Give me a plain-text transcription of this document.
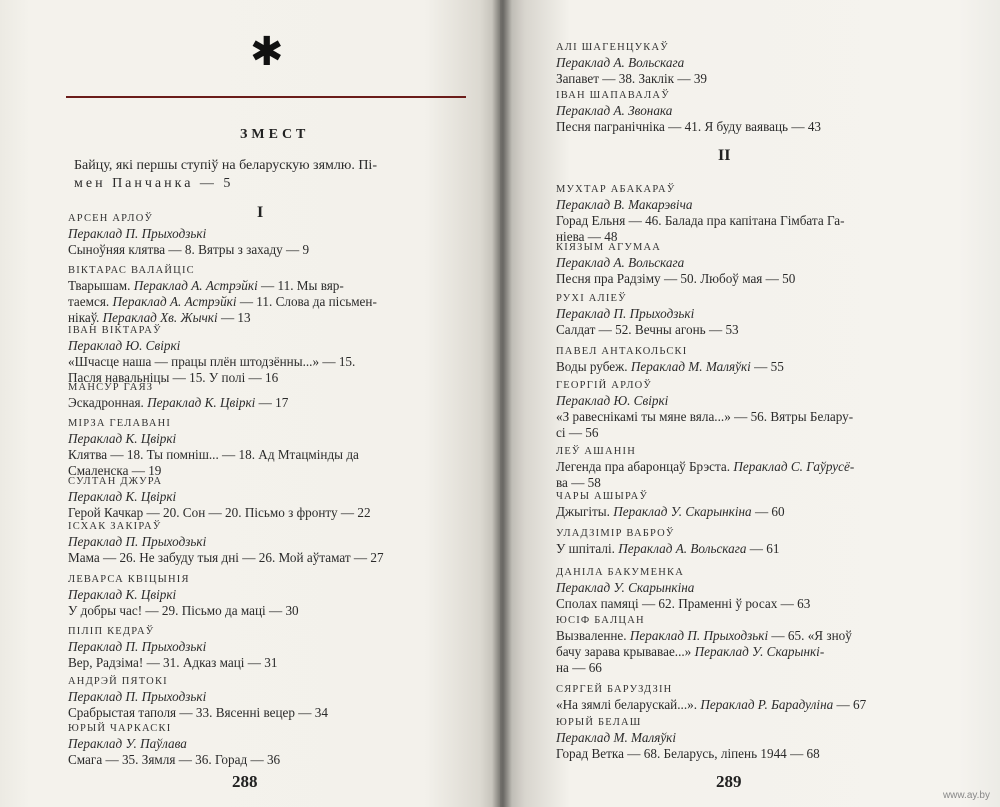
✱
ЗМЕСТ
Байцу, які першы ступіў на беларускую зямлю. Пі-
мен Панчанка — 5
I
АРСЕН АРЛОЎ
Пераклад П. Прыходзькі
Сыноўняя клятва — 8. Вятры з захаду — 9
ВІКТАРАС ВАЛАЙЦІС
Тварышам. Пераклад А. Астрэйкі — 11. Мы вяр-
таемся. Пераклад А. Астрэйкі — 11. Слова да пісьмен-
нікаў. Пераклад Хв. Жычкі — 13
ІВАН ВІКТАРАЎ
Пераклад Ю. Свіркі
«Шчасце наша — працы плён штодзённы...» — 15.
Пасля навальніцы — 15. У полі — 16
МАНСУР ГАЯЗ
Эскадронная. Пераклад К. Цвіркі — 17
МІРЗА ГЕЛАВАНІ
Пераклад К. Цвіркі
Клятва — 18. Ты помніш... — 18. Ад Мтацмінды да
Смаленска — 19
СУЛТАН ДЖУРА
Пераклад К. Цвіркі
Герой Качкар — 20. Сон — 20. Пісьмо з фронту — 22
ІСХАК ЗАКІРАЎ
Пераклад П. Прыходзькі
Мама — 26. Не забуду тыя дні — 26. Мой аўтамат — 27
ЛЕВАРСА КВІЦЫНІЯ
Пераклад К. Цвіркі
У добры час! — 29. Пісьмо да маці — 30
ПІЛІП КЕДРАЎ
Пераклад П. Прыходзькі
Вер, Радзіма! — 31. Адказ маці — 31
АНДРЭЙ ПЯТОКІ
Пераклад П. Прыходзькі
Срабрыстая таполя — 33. Вясенні вецер — 34
ЮРЫЙ ЧАРКАСКІ
Пераклад У. Паўлава
Смага — 35. Зямля — 36. Горад — 36
288
АЛІ ШАГЕНЦУКАЎ
Пераклад А. Вольскага
Запавет — 38. Заклік — 39
ІВАН ШАПАВАЛАЎ
Пераклад А. Звонака
Песня пагранічніка — 41. Я буду ваяваць — 43
II
МУХТАР АБАКАРАЎ
Пераклад В. Макарэвіча
Горад Ельня — 46. Балада пра капітана Гімбата Га-
ніева — 48
КІЯЗЫМ АГУМАА
Пераклад А. Вольскага
Песня пра Радзіму — 50. Любоў мая — 50
РУХІ АЛІЕЎ
Пераклад П. Прыходзькі
Салдат — 52. Вечны агонь — 53
ПАВЕЛ АНТАКОЛЬСКІ
Воды рубеж. Пераклад М. Маляўкі — 55
ГЕОРГІЙ АРЛОЎ
Пераклад Ю. Свіркі
«З равеснікамі ты мяне вяла...» — 56. Вятры Белару-
сі — 56
ЛЕЎ АШАНІН
Легенда пра абаронцаў Брэста. Пераклад С. Гаўрусё-
ва — 58
ЧАРЫ АШЫРАЎ
Джыгіты. Пераклад У. Скарынкіна — 60
УЛАДЗІМІР ВАБРОЎ
У шпіталі. Пераклад А. Вольскага — 61
ДАНІЛА БАКУМЕНКА
Пераклад У. Скарынкіна
Сполах памяці — 62. Праменні ў росах — 63
ЮСІФ БАЛЦАН
Вызваленне. Пераклад П. Прыходзькі — 65. «Я зноў
бачу зарава крываваe...» Пераклад У. Скарынкі-
на — 66
СЯРГЕЙ БАРУЗДЗІН
«На зямлі беларускай...». Пераклад Р. Барадуліна — 67
ЮРЫЙ БЕЛАШ
Пераклад М. Маляўкі
Горад Ветка — 68. Беларусь, ліпень 1944 — 68
289
www.ay.by
